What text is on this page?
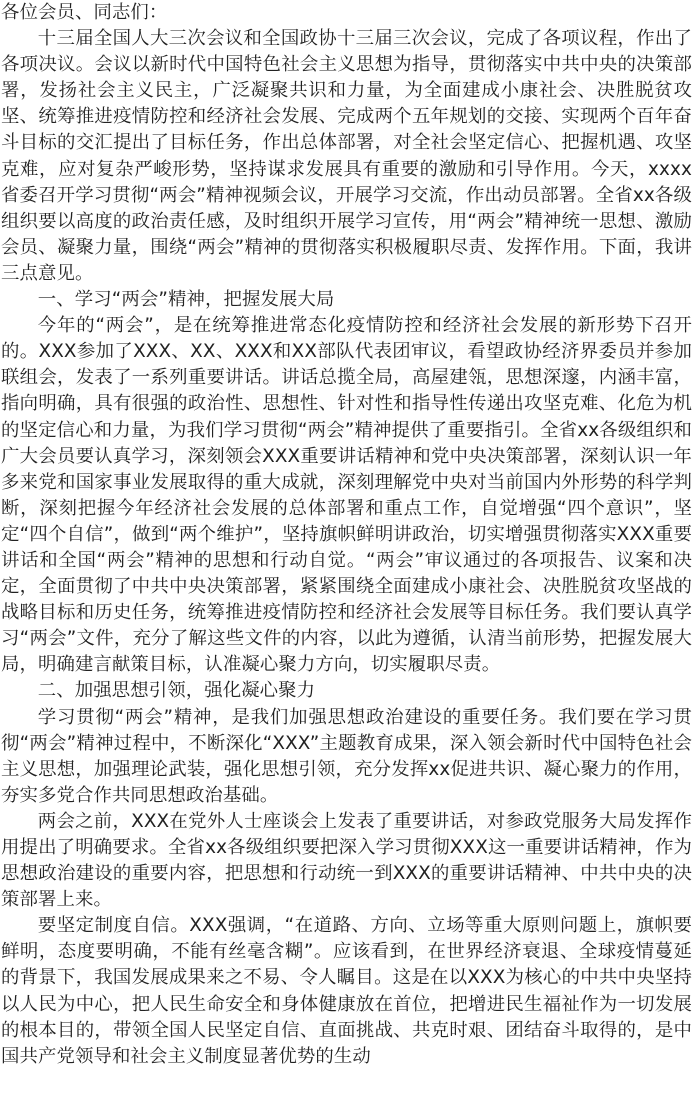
各位会员、同志们：

十三届全国人大三次会议和全国政协十三届三次会议，完成了各项议程，作出了各项决议。会议以新时代中国特色社会主义思想为指导，贯彻落实中共中央的决策部署，发扬社会主义民主，广泛凝聚共识和力量，为全面建成小康社会、决胜脱贫攻坚、统筹推进疫情防控和经济社会发展、完成两个五年规划的交接、实现两个百年奋斗目标的交汇提出了目标任务，作出总体部署，对全社会坚定信心、把握机遇、攻坚克难，应对复杂严峻形势，坚持谋求发展具有重要的激励和引导作用。今天，xxxx省委召开学习贯彻“两会”精神视频会议，开展学习交流，作出动员部署。全省xx各级组织要以高度的政治责任感，及时组织开展学习宣传，用“两会”精神统一思想、激励会员、凝聚力量，围绕“两会”精神的贯彻落实积极履职尽责、发挥作用。下面，我讲三点意见。

一、学习“两会”精神，把握发展大局

今年的“两会”，是在统筹推进常态化疫情防控和经济社会发展的新形势下召开的。XXX参加了XXX、XX、XXX和XX部队代表团审议，看望政协经济界委员并参加联组会，发表了一系列重要讲话。讲话总揽全局，高屋建瓴，思想深邃，内涵丰富，指向明确，具有很强的政治性、思想性、针对性和指导性传递出攻坚克难、化危为机的坚定信心和力量，为我们学习贯彻“两会”精神提供了重要指引。全省xx各级组织和广大会员要认真学习，深刻领会XXX重要讲话精神和党中央决策部署，深刻认识一年多来党和国家事业发展取得的重大成就，深刻理解党中央对当前国内外形势的科学判断，深刻把握今年经济社会发展的总体部署和重点工作，自觉增强“四个意识”，坚定“四个自信”，做到“两个维护”，坚持旗帜鲜明讲政治，切实增强贯彻落实XXX重要讲话和全国“两会”精神的思想和行动自觉。“两会”审议通过的各项报告、议案和决定，全面贯彻了中共中央决策部署，紧紧围绕全面建成小康社会、决胜脱贫攻坚战的战略目标和历史任务，统筹推进疫情防控和经济社会发展等目标任务。我们要认真学习“两会”文件，充分了解这些文件的内容，以此为遵循，认清当前形势，把握发展大局，明确建言献策目标，认准凝心聚力方向，切实履职尽责。

二、加强思想引领，强化凝心聚力

学习贯彻“两会”精神，是我们加强思想政治建设的重要任务。我们要在学习贯彻“两会”精神过程中，不断深化“XXX”主题教育成果，深入领会新时代中国特色社会主义思想，加强理论武装，强化思想引领，充分发挥xx促进共识、凝心聚力的作用，夯实多党合作共同思想政治基础。

两会之前，XXX在党外人士座谈会上发表了重要讲话，对参政党服务大局发挥作用提出了明确要求。全省xx各级组织要把深入学习贯彻XXX这一重要讲话精神，作为思想政治建设的重要内容，把思想和行动统一到XXX的重要讲话精神、中共中央的决策部署上来。

要坚定制度自信。XXX强调，“在道路、方向、立场等重大原则问题上，旗帜要鲜明，态度要明确，不能有丝毫含糊”。应该看到，在世界经济衰退、全球疫情蔓延的背景下，我国发展成果来之不易、令人瞩目。这是在以XXX为核心的中共中央坚持以人民为中心，把人民生命安全和身体健康放在首位，把增进民生福祉作为一切发展的根本目的，带领全国人民坚定自信、直面挑战、共克时艰、团结奋斗取得的，是中国共产党领导和社会主义制度显著优势的生动
